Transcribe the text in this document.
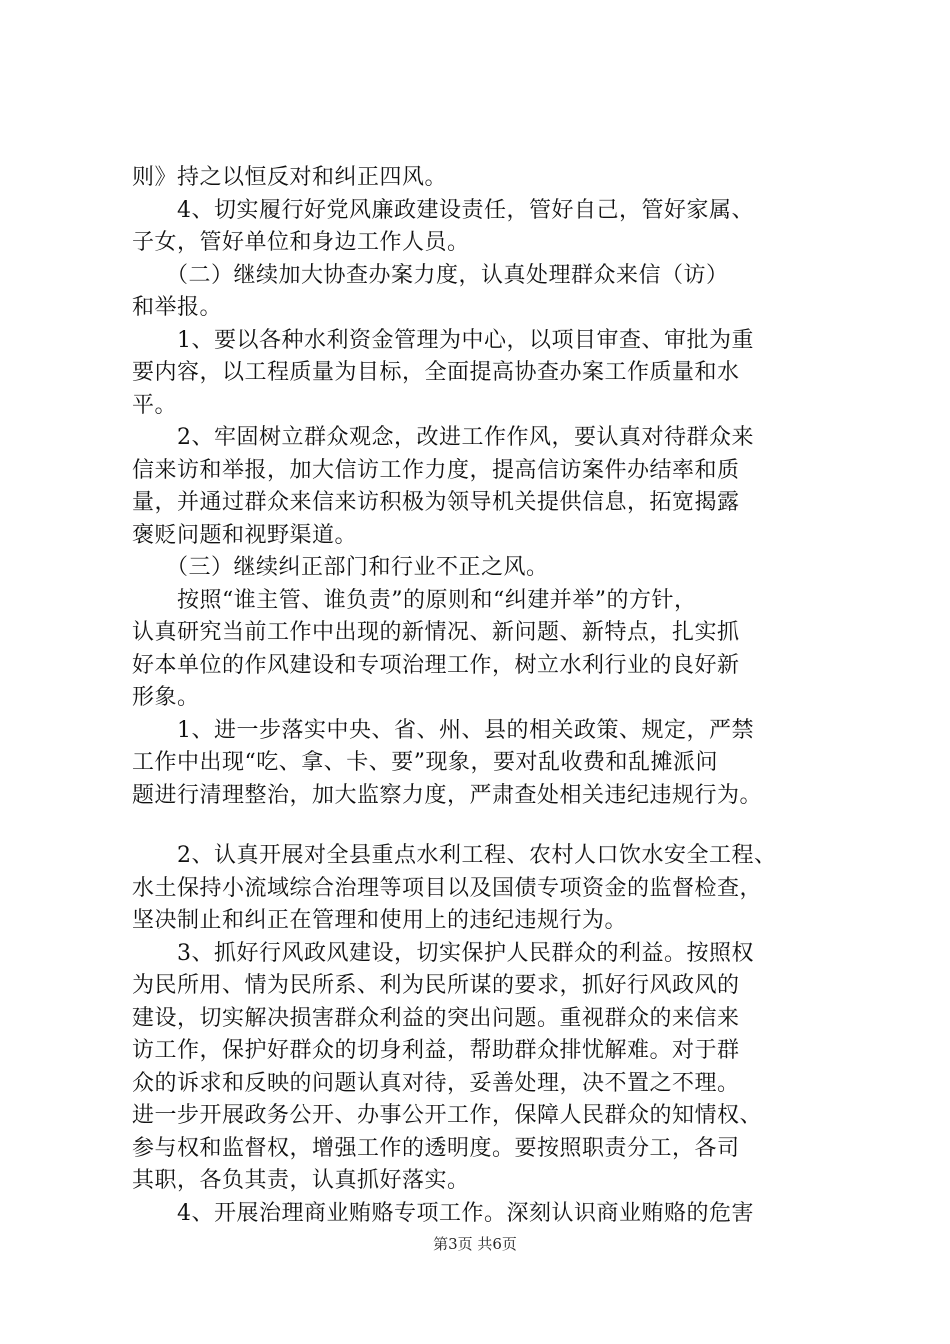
则》持之以恒反对和纠正四风。
　　4、切实履行好党风廉政建设责任，管好自己，管好家属、
子女，管好单位和身边工作人员。
　　（二）继续加大协查办案力度，认真处理群众来信（访）
和举报。
　　1、要以各种水利资金管理为中心，以项目审查、审批为重
要内容，以工程质量为目标，全面提高协查办案工作质量和水
平。
　　2、牢固树立群众观念，改进工作作风，要认真对待群众来
信来访和举报，加大信访工作力度，提高信访案件办结率和质
量，并通过群众来信来访积极为领导机关提供信息，拓宽揭露
褒贬问题和视野渠道。
　　（三）继续纠正部门和行业不正之风。
　　按照“谁主管、谁负责”的原则和“纠建并举”的方针，
认真研究当前工作中出现的新情况、新问题、新特点，扎实抓
好本单位的作风建设和专项治理工作，树立水利行业的良好新
形象。
　　1、进一步落实中央、省、州、县的相关政策、规定，严禁
工作中出现“吃、拿、卡、要”现象，要对乱收费和乱摊派问
题进行清理整治，加大监察力度，严肃查处相关违纪违规行为。
　　2、认真开展对全县重点水利工程、农村人口饮水安全工程、
水土保持小流域综合治理等项目以及国债专项资金的监督检查，
坚决制止和纠正在管理和使用上的违纪违规行为。
　　3、抓好行风政风建设，切实保护人民群众的利益。按照权
为民所用、情为民所系、利为民所谋的要求，抓好行风政风的
建设，切实解决损害群众利益的突出问题。重视群众的来信来
访工作，保护好群众的切身利益，帮助群众排忧解难。对于群
众的诉求和反映的问题认真对待，妥善处理，决不置之不理。
进一步开展政务公开、办事公开工作，保障人民群众的知情权、
参与权和监督权，增强工作的透明度。要按照职责分工，各司
其职，各负其责，认真抓好落实。
　　4、开展治理商业贿赂专项工作。深刻认识商业贿赂的危害
第3页 共6页
